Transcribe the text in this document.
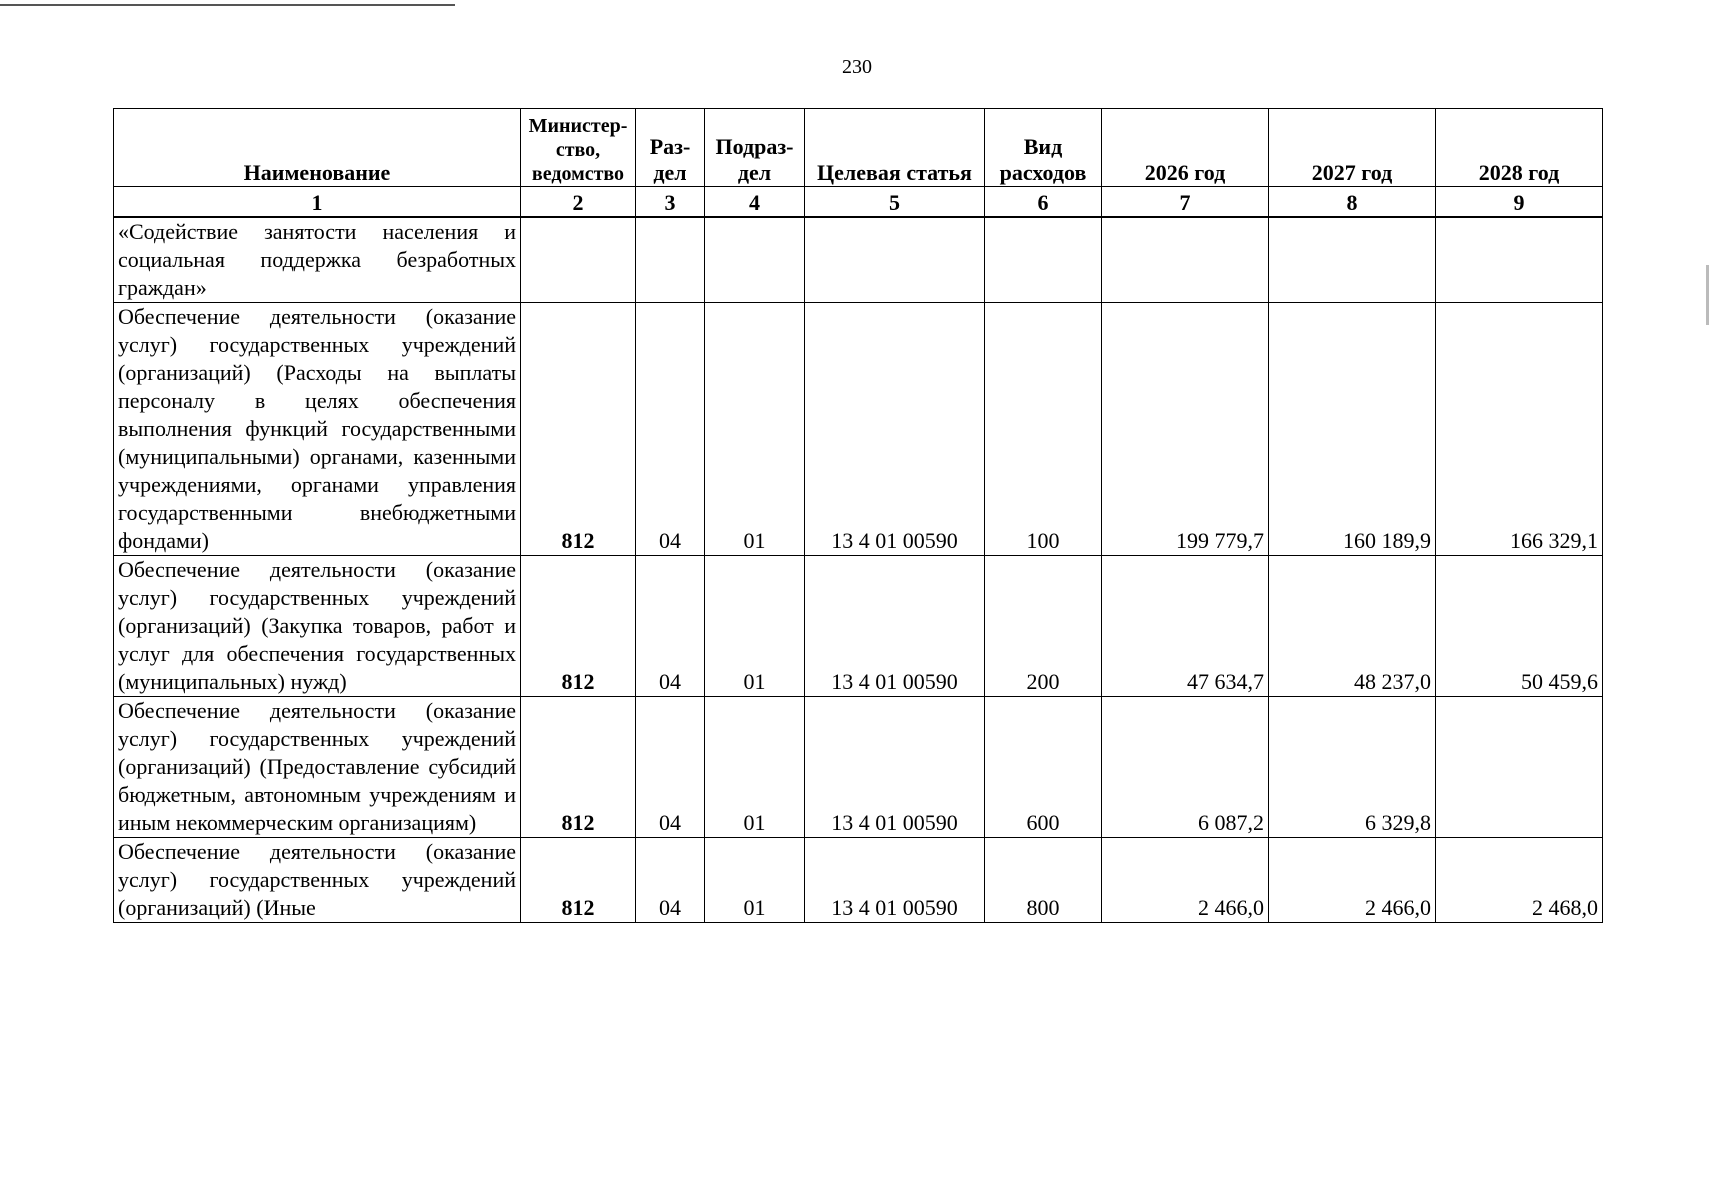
230
Наименование	Министер-ство, ведомство	Раз-дел	Подраз-дел	Целевая статья	Вид расходов	2026 год	2027 год	2028 год
1	2	3	4	5	6	7	8	9
«Содействие занятости населения и социальная поддержка безработных граждан»								
Обеспечение деятельности (оказание услуг) государственных учреждений (организаций) (Расходы на выплаты персоналу в целях обеспечения выполнения функций государственными (муниципальными) органами, казенными учреждениями, органами управления государственными внебюджетными фондами)	812	04	01	13 4 01 00590	100	199 779,7	160 189,9	166 329,1
Обеспечение деятельности (оказание услуг) государственных учреждений (организаций) (Закупка товаров, работ и услуг для обеспечения государственных (муниципальных) нужд)	812	04	01	13 4 01 00590	200	47 634,7	48 237,0	50 459,6
Обеспечение деятельности (оказание услуг) государственных учреждений (организаций) (Предоставление субсидий бюджетным, автономным учреждениям и иным некоммерческим организациям)	812	04	01	13 4 01 00590	600	6 087,2	6 329,8	
Обеспечение деятельности (оказание услуг) государственных учреждений (организаций) (Иные	812	04	01	13 4 01 00590	800	2 466,0	2 466,0	2 468,0
